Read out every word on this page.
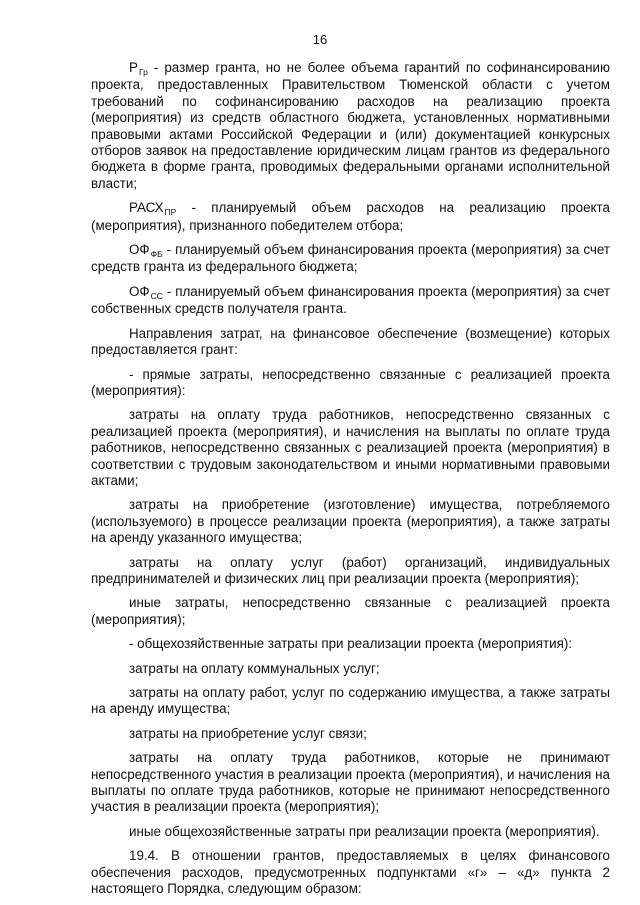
16

$P_{Гр}$ - размер гранта, но не более объема гарантий по софинансированию проекта, предоставленных Правительством Тюменской области с учетом требований по софинансированию расходов на реализацию проекта (мероприятия) из средств областного бюджета, установленных нормативными правовыми актами Российской Федерации и (или) документацией конкурсных отборов заявок на предоставление юридическим лицам грантов из федерального бюджета в форме гранта, проводимых федеральными органами исполнительной власти;

$РАСХ_{ПР}$ - планируемый объем расходов на реализацию проекта (мероприятия), признанного победителем отбора;

$ОФ_{ФБ}$ - планируемый объем финансирования проекта (мероприятия) за счет средств гранта из федерального бюджета;

$ОФ_{СС}$ - планируемый объем финансирования проекта (мероприятия) за счет собственных средств получателя гранта.

Направления затрат, на финансовое обеспечение (возмещение) которых предоставляется грант:

- прямые затраты, непосредственно связанные с реализацией проекта (мероприятия):

затраты на оплату труда работников, непосредственно связанных с реализацией проекта (мероприятия), и начисления на выплаты по оплате труда работников, непосредственно связанных с реализацией проекта (мероприятия) в соответствии с трудовым законодательством и иными нормативными правовыми актами;

затраты на приобретение (изготовление) имущества, потребляемого (используемого) в процессе реализации проекта (мероприятия), а также затраты на аренду указанного имущества;

затраты на оплату услуг (работ) организаций, индивидуальных предпринимателей и физических лиц при реализации проекта (мероприятия);

иные затраты, непосредственно связанные с реализацией проекта (мероприятия);

- общехозяйственные затраты при реализации проекта (мероприятия):

затраты на оплату коммунальных услуг;

затраты на оплату работ, услуг по содержанию имущества, а также затраты на аренду имущества;

затраты на приобретение услуг связи;

затраты на оплату труда работников, которые не принимают непосредственного участия в реализации проекта (мероприятия), и начисления на выплаты по оплате труда работников, которые не принимают непосредственного участия в реализации проекта (мероприятия);

иные общехозяйственные затраты при реализации проекта (мероприятия).

19.4. В отношении грантов, предоставляемых в целях финансового обеспечения расходов, предусмотренных подпунктами «г» – «д» пункта 2 настоящего Порядка, следующим образом:
